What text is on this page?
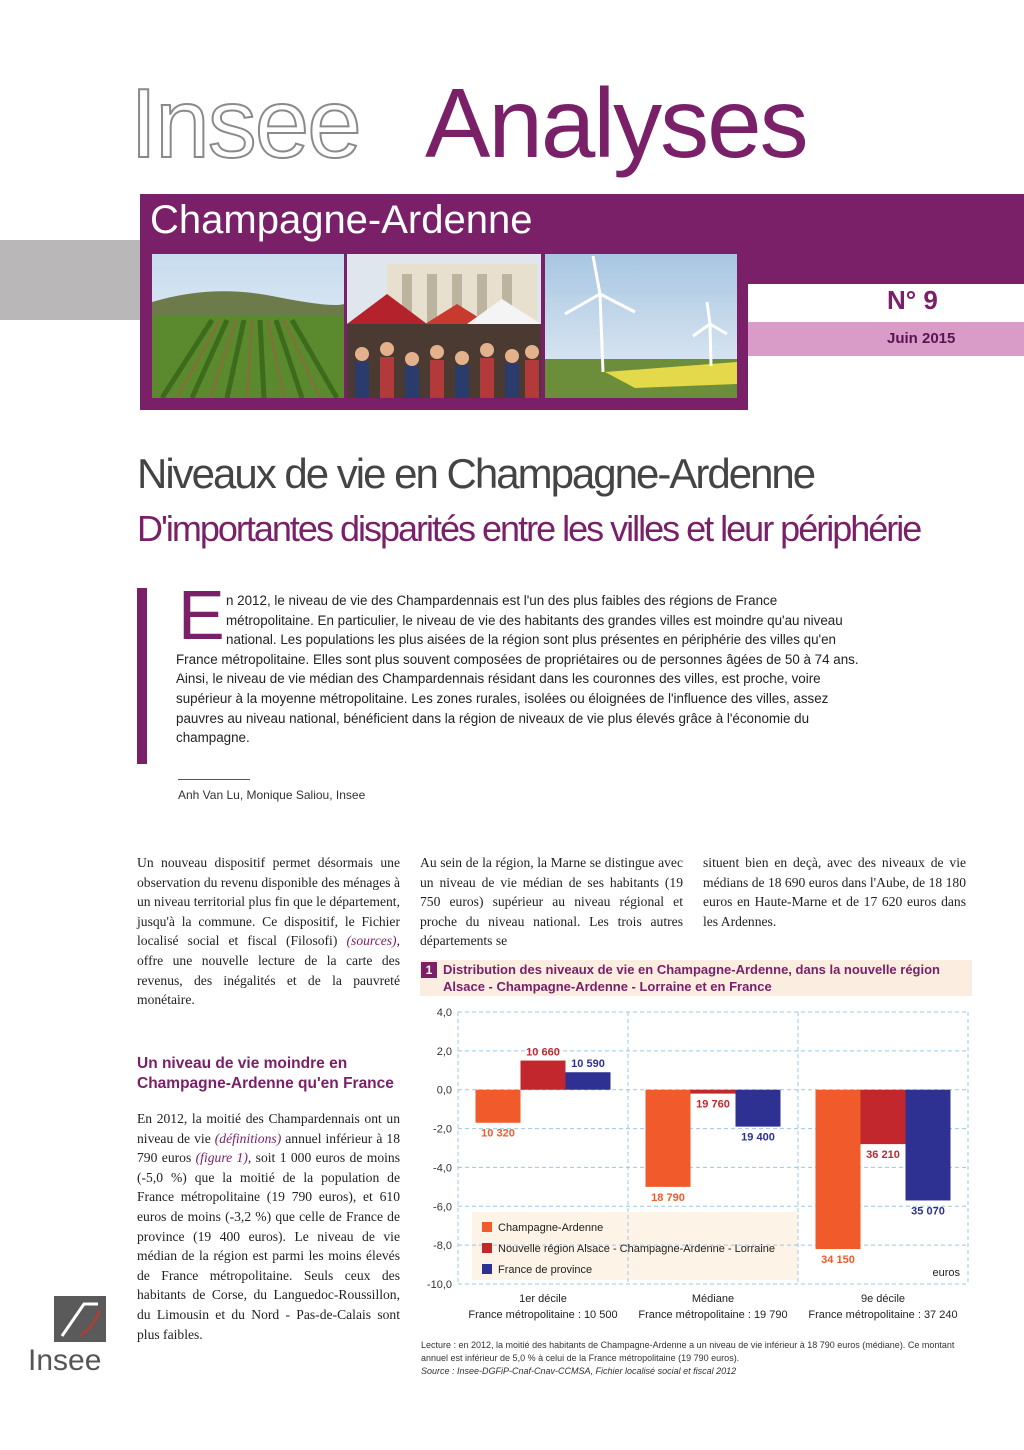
Insee Analyses
Champagne-Ardenne
N° 9
Juin 2015
Niveaux de vie en Champagne-Ardenne
D'importantes disparités entre les villes et leur périphérie
E n 2012, le niveau de vie des Champardennais est l'un des plus faibles des régions de France métropolitaine. En particulier, le niveau de vie des habitants des grandes villes est moindre qu'au niveau national. Les populations les plus aisées de la région sont plus présentes en périphérie des villes qu'en France métropolitaine. Elles sont plus souvent composées de propriétaires ou de personnes âgées de 50 à 74 ans. Ainsi, le niveau de vie médian des Champardennais résidant dans les couronnes des villes, est proche, voire supérieur à la moyenne métropolitaine. Les zones rurales, isolées ou éloignées de l'influence des villes, assez pauvres au niveau national, bénéficient dans la région de niveaux de vie plus élevés grâce à l'économie du champagne.
Anh Van Lu, Monique Saliou, Insee
Un nouveau dispositif permet désormais une observation du revenu disponible des ménages à un niveau territorial plus fin que le département, jusqu'à la commune. Ce dispositif, le Fichier localisé social et fiscal (Filosofi) (sources), offre une nouvelle lecture de la carte des revenus, des inégalités et de la pauvreté monétaire.
Un niveau de vie moindre en Champagne-Ardenne qu'en France
En 2012, la moitié des Champardennais ont un niveau de vie (définitions) annuel inférieur à 18 790 euros (figure 1), soit 1 000 euros de moins (-5,0 %) que la moitié de la population de France métropolitaine (19 790 euros), et 610 euros de moins (-3,2 %) que celle de France de province (19 400 euros). Le niveau de vie médian de la région est parmi les moins élevés de France métropolitaine. Seuls ceux des habitants de Corse, du Languedoc-Roussillon, du Limousin et du Nord - Pas-de-Calais sont plus faibles.
Au sein de la région, la Marne se distingue avec un niveau de vie médian de ses habitants (19 750 euros) supérieur au niveau régional et proche du niveau national. Les trois autres départements se
situent bien en deçà, avec des niveaux de vie médians de 18 690 euros dans l'Aube, de 18 180 euros en Haute-Marne et de 17 620 euros dans les Ardennes.
1 Distribution des niveaux de vie en Champagne-Ardenne, dans la nouvelle région Alsace - Champagne-Ardenne - Lorraine et en France
4,0
2,0
0,0
-2,0
-4,0
-6,0
-8,0
-10,0
10 320
10 660
10 590
1er décile
France métropolitaine : 10 500
18 790
19 760
19 400
Médiane
France métropolitaine : 19 790
34 150
36 210
35 070
9e décile
France métropolitaine : 37 240
euros
Champagne-Ardenne
Nouvelle région Alsace - Champagne-Ardenne - Lorraine
France de province
Lecture : en 2012, la moitié des habitants de Champagne-Ardenne a un niveau de vie inférieur à 18 790 euros (médiane). Ce montant annuel est inférieur de 5,0 % à celui de la France métropolitaine (19 790 euros).
Source : Insee-DGFiP-Cnaf-Cnav-CCMSA, Fichier localisé social et fiscal 2012
Insee
